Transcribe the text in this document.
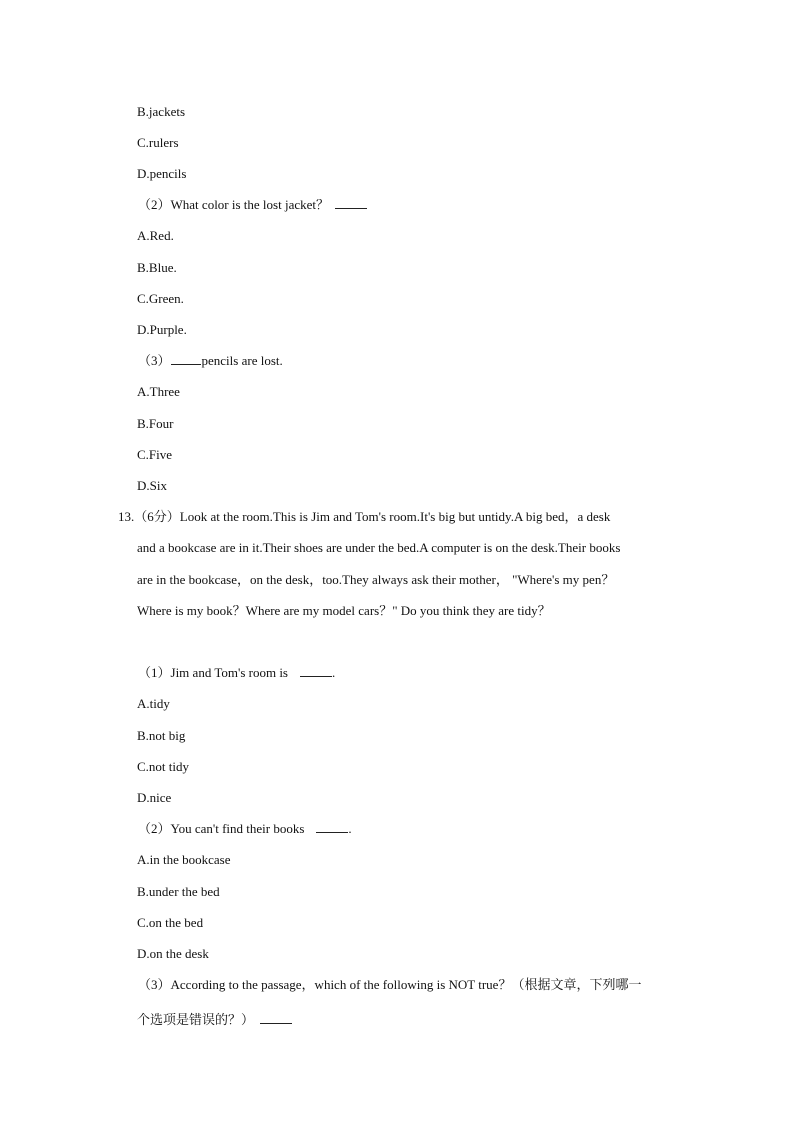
B.jackets
C.rulers
D.pencils
（2）What color is the lost jacket？
A.Red.
B.Blue.
C.Green.
D.Purple.
（3） pencils are lost.
A.Three
B.Four
C.Five
D.Six
13.（6分）Look at the room.This is Jim and Tom's room.It's big but untidy.A big bed，a desk
and a bookcase are in it.Their shoes are under the bed.A computer is on the desk.Their books
are in the bookcase，on the desk，too.They always ask their mother， "Where's my pen？
Where is my book？Where are my model cars？" Do you think they are tidy？
（1）Jim and Tom's room is	.
A.tidy
B.not big
C.not tidy
D.nice
（2）You can't find their books	.
A.in the bookcase
B.under the bed
C.on the bed
D.on the desk
（3）According to the passage，which of the following is NOT true？（根据文章，下列哪一
个选项是错误的？）
